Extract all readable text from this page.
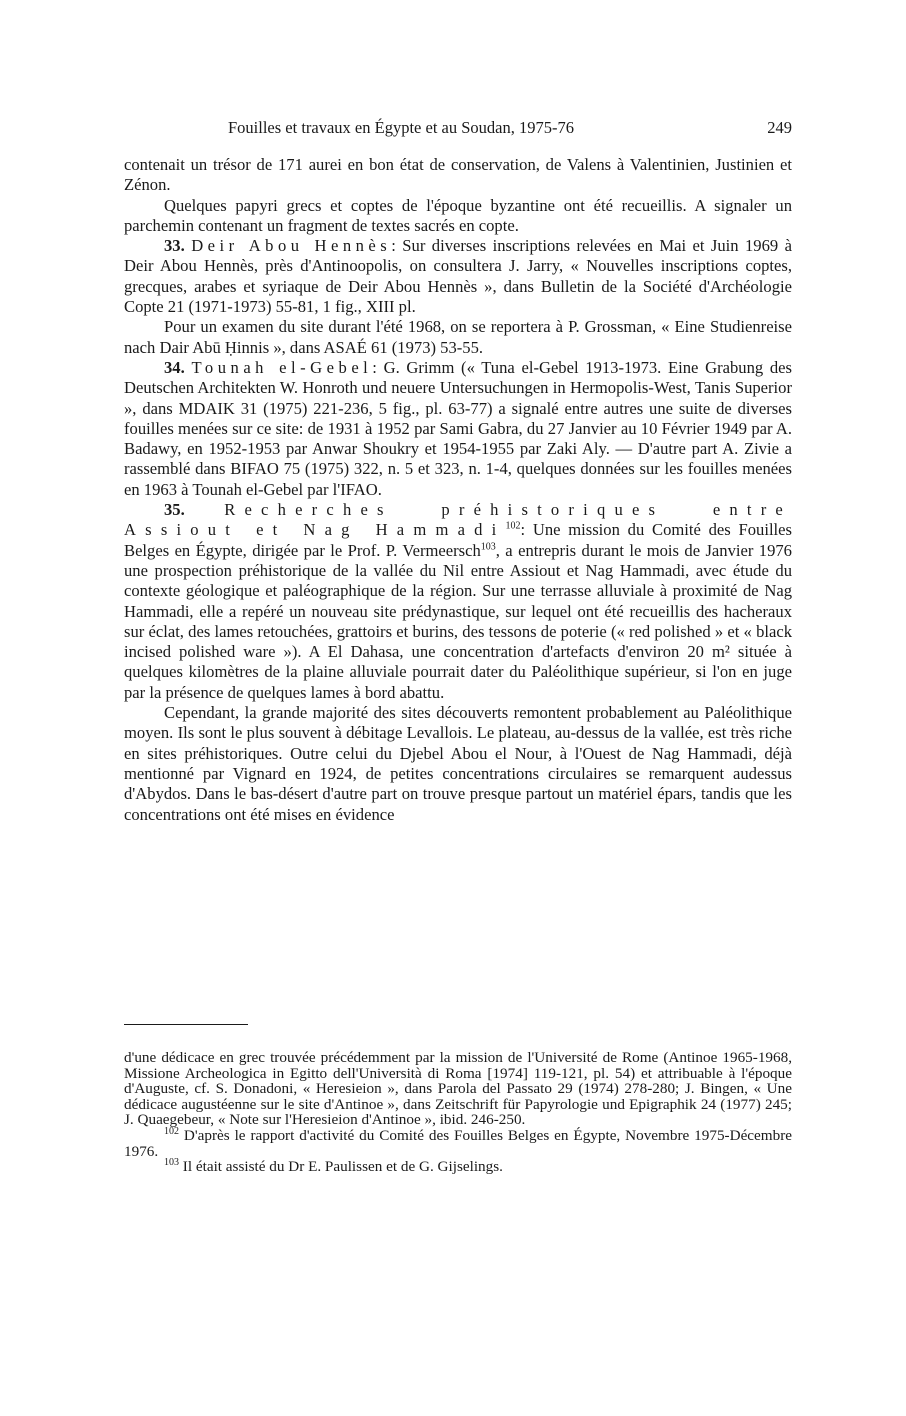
Fouilles et travaux en Égypte et au Soudan, 1975-76	249

contenait un trésor de 171 aurei en bon état de conservation, de Valens à Valentinien, Justinien et Zénon.

Quelques papyri grecs et coptes de l'époque byzantine ont été recueillis. A signaler un parchemin contenant un fragment de textes sacrés en copte.

33. Deir Abou Hennès: Sur diverses inscriptions relevées en Mai et Juin 1969 à Deir Abou Hennès, près d'Antinoopolis, on consultera J. Jarry, « Nouvelles inscriptions coptes, grecques, arabes et syriaque de Deir Abou Hennès », dans Bulletin de la Société d'Archéologie Copte 21 (1971-1973) 55-81, 1 fig., XIII pl.

Pour un examen du site durant l'été 1968, on se reportera à P. Grossman, « Eine Studienreise nach Dair Abū Ḥinnis », dans ASAÉ 61 (1973) 53-55.

34. Tounah el-Gebel: G. Grimm (« Tuna el-Gebel 1913-1973. Eine Grabung des Deutschen Architekten W. Honroth und neuere Untersuchungen in Hermopolis-West, Tanis Superior », dans MDAIK 31 (1975) 221-236, 5 fig., pl. 63-77) a signalé entre autres une suite de diverses fouilles menées sur ce site: de 1931 à 1952 par Sami Gabra, du 27 Janvier au 10 Février 1949 par A. Badawy, en 1952-1953 par Anwar Shoukry et 1954-1955 par Zaki Aly. — D'autre part A. Zivie a rassemblé dans BIFAO 75 (1975) 322, n. 5 et 323, n. 1-4, quelques données sur les fouilles menées en 1963 à Tounah el-Gebel par l'IFAO.

35. Recherches préhistoriques entre Assiout et Nag Hammadi$^{102}$: Une mission du Comité des Fouilles Belges en Égypte, dirigée par le Prof. P. Vermeersch$^{103}$, a entrepris durant le mois de Janvier 1976 une prospection préhistorique de la vallée du Nil entre Assiout et Nag Hammadi, avec étude du contexte géologique et paléographique de la région. Sur une terrasse alluviale à proximité de Nag Hammadi, elle a repéré un nouveau site prédynastique, sur lequel ont été recueillis des hacheraux sur éclat, des lames retouchées, grattoirs et burins, des tessons de poterie (« red polished » et « black incised polished ware »). A El Dahasa, une concentration d'artefacts d'environ 20 m² située à quelques kilomètres de la plaine alluviale pourrait dater du Paléolithique supérieur, si l'on en juge par la présence de quelques lames à bord abattu.

Cependant, la grande majorité des sites découverts remontent probablement au Paléolithique moyen. Ils sont le plus souvent à débitage Levallois. Le plateau, au-dessus de la vallée, est très riche en sites préhistoriques. Outre celui du Djebel Abou el Nour, à l'Ouest de Nag Hammadi, déjà mentionné par Vignard en 1924, de petites concentrations circulaires se remarquent audessus d'Abydos. Dans le bas-désert d'autre part on trouve presque partout un matériel épars, tandis que les concentrations ont été mises en évidence

d'une dédicace en grec trouvée précédemment par la mission de l'Université de Rome (Antinoe 1965-1968, Missione Archeologica in Egitto dell'Università di Roma [1974] 119-121, pl. 54) et attribuable à l'époque d'Auguste, cf. S. Donadoni, « Heresieion », dans Parola del Passato 29 (1974) 278-280; J. Bingen, « Une dédicace augustéenne sur le site d'Antinoe », dans Zeitschrift für Papyrologie und Epigraphik 24 (1977) 245; J. Quaegebeur, « Note sur l'Heresieion d'Antinoe », ibid. 246-250.

$^{102}$ D'après le rapport d'activité du Comité des Fouilles Belges en Égypte, Novembre 1975-Décembre 1976.

$^{103}$ Il était assisté du Dr E. Paulissen et de G. Gijselings.
